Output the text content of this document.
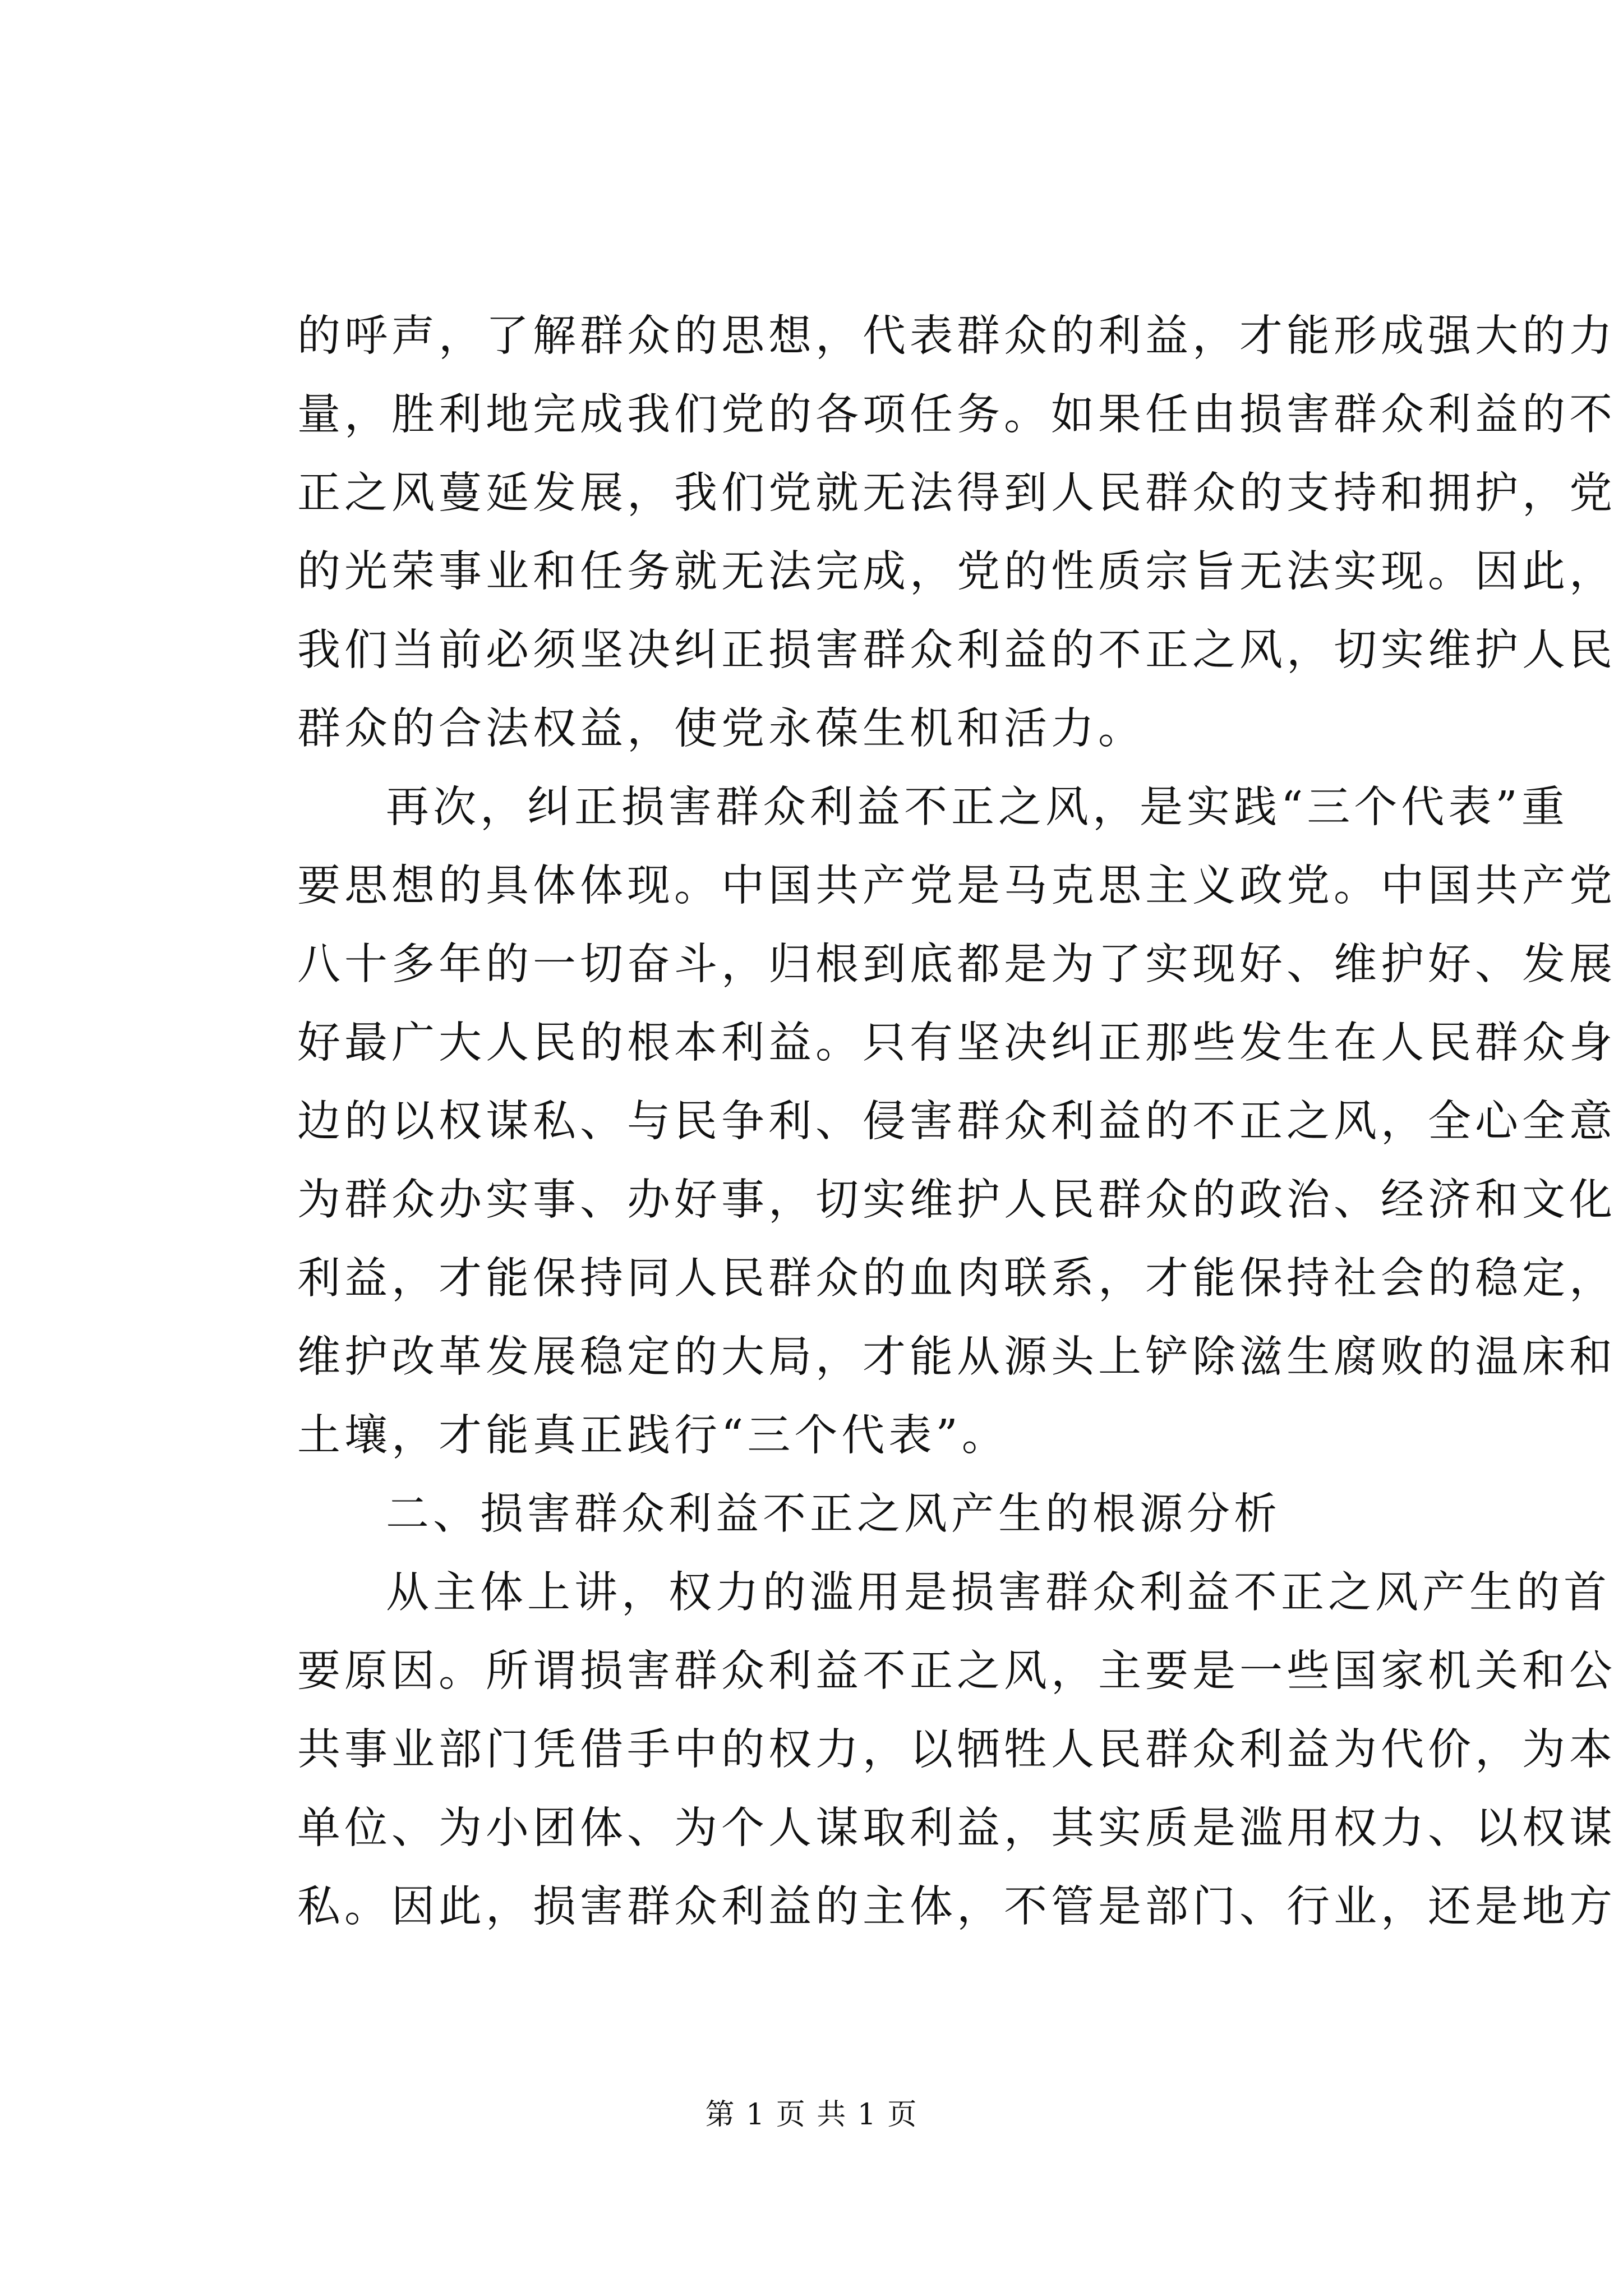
的呼声，了解群众的思想，代表群众的利益，才能形成强大的力
量，胜利地完成我们党的各项任务。如果任由损害群众利益的不
正之风蔓延发展，我们党就无法得到人民群众的支持和拥护，党
的光荣事业和任务就无法完成，党的性质宗旨无法实现。因此，
我们当前必须坚决纠正损害群众利益的不正之风，切实维护人民
群众的合法权益，使党永葆生机和活力。
再次，纠正损害群众利益不正之风，是实践“三个代表”重
要思想的具体体现。中国共产党是马克思主义政党。中国共产党
八十多年的一切奋斗，归根到底都是为了实现好、维护好、发展
好最广大人民的根本利益。只有坚决纠正那些发生在人民群众身
边的以权谋私、与民争利、侵害群众利益的不正之风，全心全意
为群众办实事、办好事，切实维护人民群众的政治、经济和文化
利益，才能保持同人民群众的血肉联系，才能保持社会的稳定，
维护改革发展稳定的大局，才能从源头上铲除滋生腐败的温床和
土壤，才能真正践行“三个代表”。
二、损害群众利益不正之风产生的根源分析
从主体上讲，权力的滥用是损害群众利益不正之风产生的首
要原因。所谓损害群众利益不正之风，主要是一些国家机关和公
共事业部门凭借手中的权力，以牺牲人民群众利益为代价，为本
单位、为小团体、为个人谋取利益，其实质是滥用权力、以权谋
私。因此，损害群众利益的主体，不管是部门、行业，还是地方
第 1 页 共 1 页
